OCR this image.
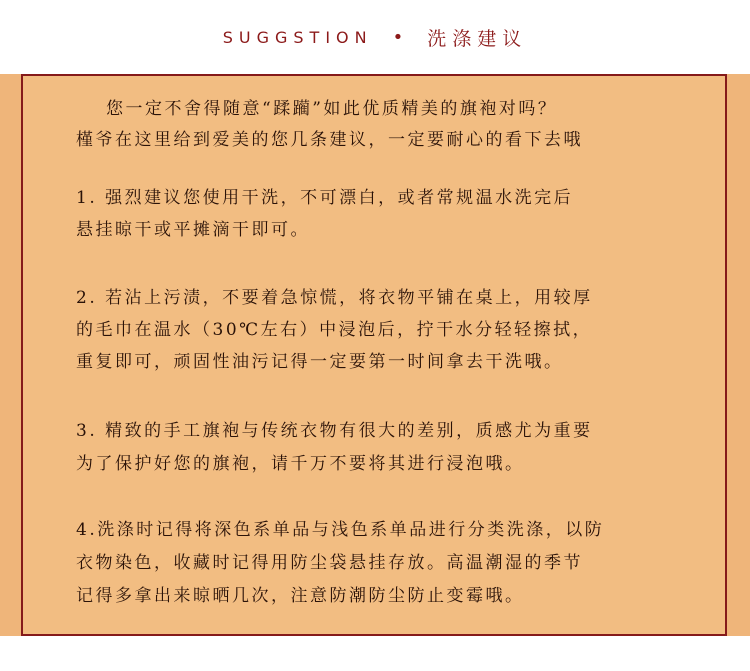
SUGGSTION • 洗涤建议
您一定不舍得随意“蹂躏”如此优质精美的旗袍对吗？
槿爷在这里给到爱美的您几条建议，一定要耐心的看下去哦
1. 强烈建议您使用干洗，不可漂白，或者常规温水洗完后
悬挂晾干或平摊滴干即可。
2. 若沾上污渍，不要着急惊慌，将衣物平铺在桌上，用较厚
的毛巾在温水（30℃左右）中浸泡后，拧干水分轻轻擦拭，
重复即可，顽固性油污记得一定要第一时间拿去干洗哦。
3. 精致的手工旗袍与传统衣物有很大的差别，质感尤为重要
为了保护好您的旗袍，请千万不要将其进行浸泡哦。
4.洗涤时记得将深色系单品与浅色系单品进行分类洗涤，以防
衣物染色，收藏时记得用防尘袋悬挂存放。高温潮湿的季节
记得多拿出来晾晒几次，注意防潮防尘防止变霉哦。
